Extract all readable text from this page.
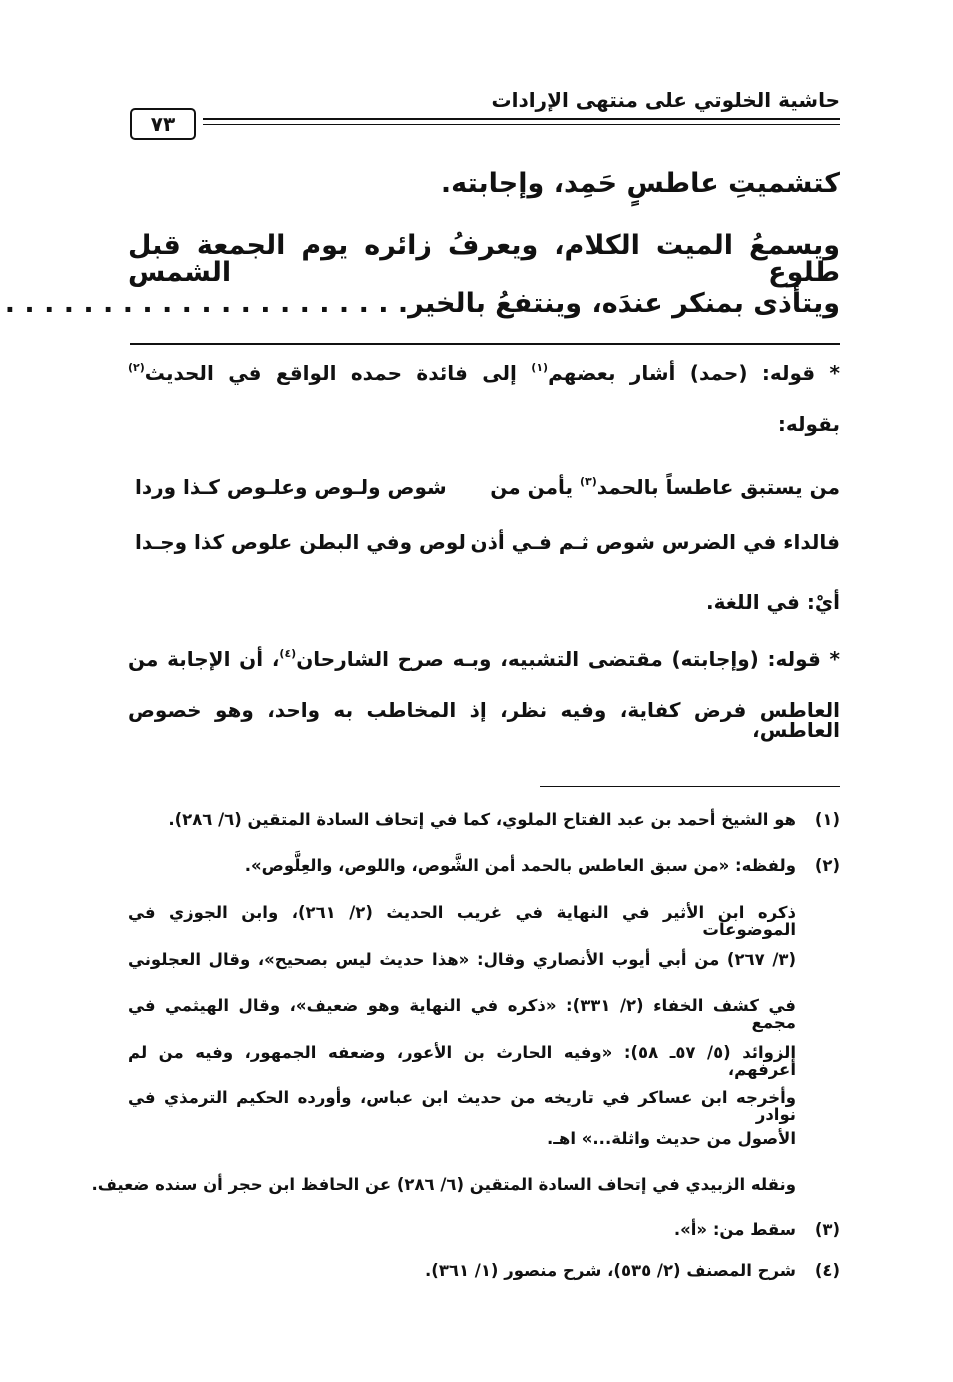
حاشية الخلوتي على منتهى الإرادات
٧٣
كتشميتِ عاطسٍ حَمِد، وإجابته.
ويسمعُ الميت الكلام، ويعرفُ زائره يوم الجمعة قبل طلوع الشمس
ويتأذى بمنكر عندَه، وينتفعُ بالخير
. . . . . . . . . . . . . . . . . . . . .
* قوله: (حمد) أشار بعضهم$^{(١)}$ إلى فائدة حمده الواقع في الحديث$^{(٢)}$
بقوله:
من يستبق عاطساً بالحمد$^{(٣)}$ يأمن من
شوص ولـوص وعلـوص كـذا وردا
فالداء في الضرس شوص ثـم فـي أذن
لوص وفي البطن علوص كذا وجـدا
أيْ: في اللغة.
* قوله: (وإجابته) مقتضى التشبيه، وبـه صرح الشارحان$^{(٤)}$، أن الإجابة من
العاطس فرض كفاية، وفيه نظر، إذ المخاطب به واحد، وهو خصوص العاطس،
(١)هو الشيخ أحمد بن عبد الفتاح الملوي، كما في إتحاف السادة المتقين (٦/ ٢٨٦).
(٢)ولفظه: «من سبق العاطس بالحمد أمن الشَّوص، واللوص، والعِلَّوص».
ذكره ابن الأثير في النهاية في غريب الحديث (٢/ ٢٦١)، وابن الجوزي في الموضوعات
(٣/ ٢٦٧) من أبي أيوب الأنصاري وقال: «هذا حديث ليس بصحيح»، وقال العجلوني
في كشف الخفاء (٢/ ٣٣١): «ذكره في النهاية وهو ضعيف»، وقال الهيثمي في مجمع
الزوائد (٥/ ٥٧ـ ٥٨): «وفيه الحارث بن الأعور، وضعفه الجمهور، وفيه من لم أعرفهم،
وأخرجه ابن عساكر في تاريخه من حديث ابن عباس، وأورده الحكيم الترمذي في نوادر
الأصول من حديث واثلة...» اهـ.
ونقله الزبيدي في إتحاف السادة المتقين (٦/ ٢٨٦) عن الحافظ ابن حجر أن سنده ضعيف.
(٣)سقط من: «أ».
(٤)شرح المصنف (٢/ ٥٣٥)، شرح منصور (١/ ٣٦١).
